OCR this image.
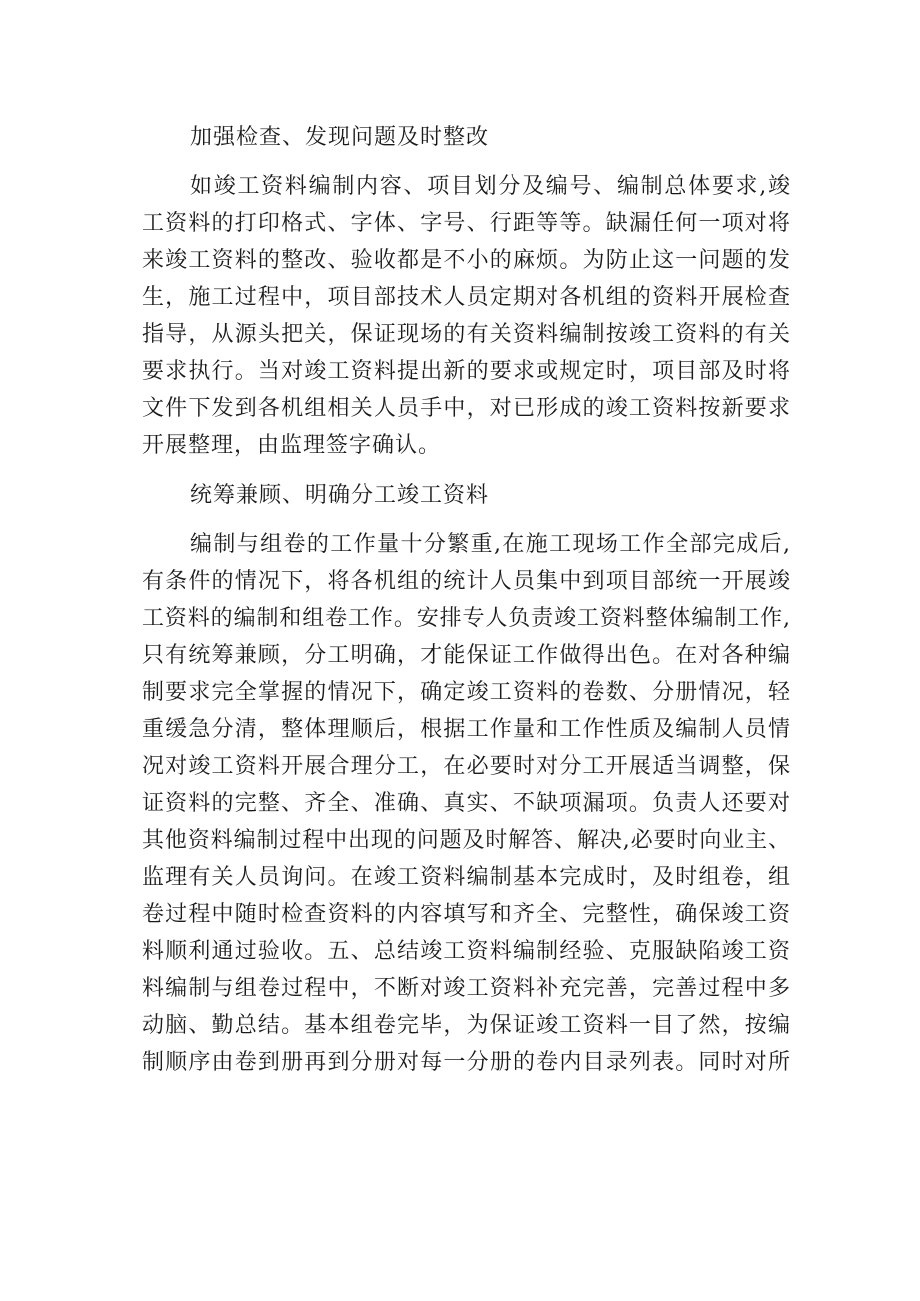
加强检查、发现问题及时整改
如竣工资料编制内容、项目划分及编号、编制总体要求,竣
工资料的打印格式、字体、字号、行距等等。缺漏任何一项对将
来竣工资料的整改、验收都是不小的麻烦。为防止这一问题的发
生，施工过程中，项目部技术人员定期对各机组的资料开展检查
指导，从源头把关，保证现场的有关资料编制按竣工资料的有关
要求执行。当对竣工资料提出新的要求或规定时，项目部及时将
文件下发到各机组相关人员手中，对已形成的竣工资料按新要求
开展整理，由监理签字确认。
统筹兼顾、明确分工竣工资料
编制与组卷的工作量十分繁重,在施工现场工作全部完成后,
有条件的情况下，将各机组的统计人员集中到项目部统一开展竣
工资料的编制和组卷工作。安排专人负责竣工资料整体编制工作,
只有统筹兼顾，分工明确，才能保证工作做得出色。在对各种编
制要求完全掌握的情况下，确定竣工资料的卷数、分册情况，轻
重缓急分清，整体理顺后，根据工作量和工作性质及编制人员情
况对竣工资料开展合理分工，在必要时对分工开展适当调整，保
证资料的完整、齐全、准确、真实、不缺项漏项。负责人还要对
其他资料编制过程中出现的问题及时解答、解决,必要时向业主、
监理有关人员询问。在竣工资料编制基本完成时，及时组卷，组
卷过程中随时检查资料的内容填写和齐全、完整性，确保竣工资
料顺利通过验收。五、总结竣工资料编制经验、克服缺陷竣工资
料编制与组卷过程中，不断对竣工资料补充完善，完善过程中多
动脑、勤总结。基本组卷完毕，为保证竣工资料一目了然，按编
制顺序由卷到册再到分册对每一分册的卷内目录列表。同时对所
